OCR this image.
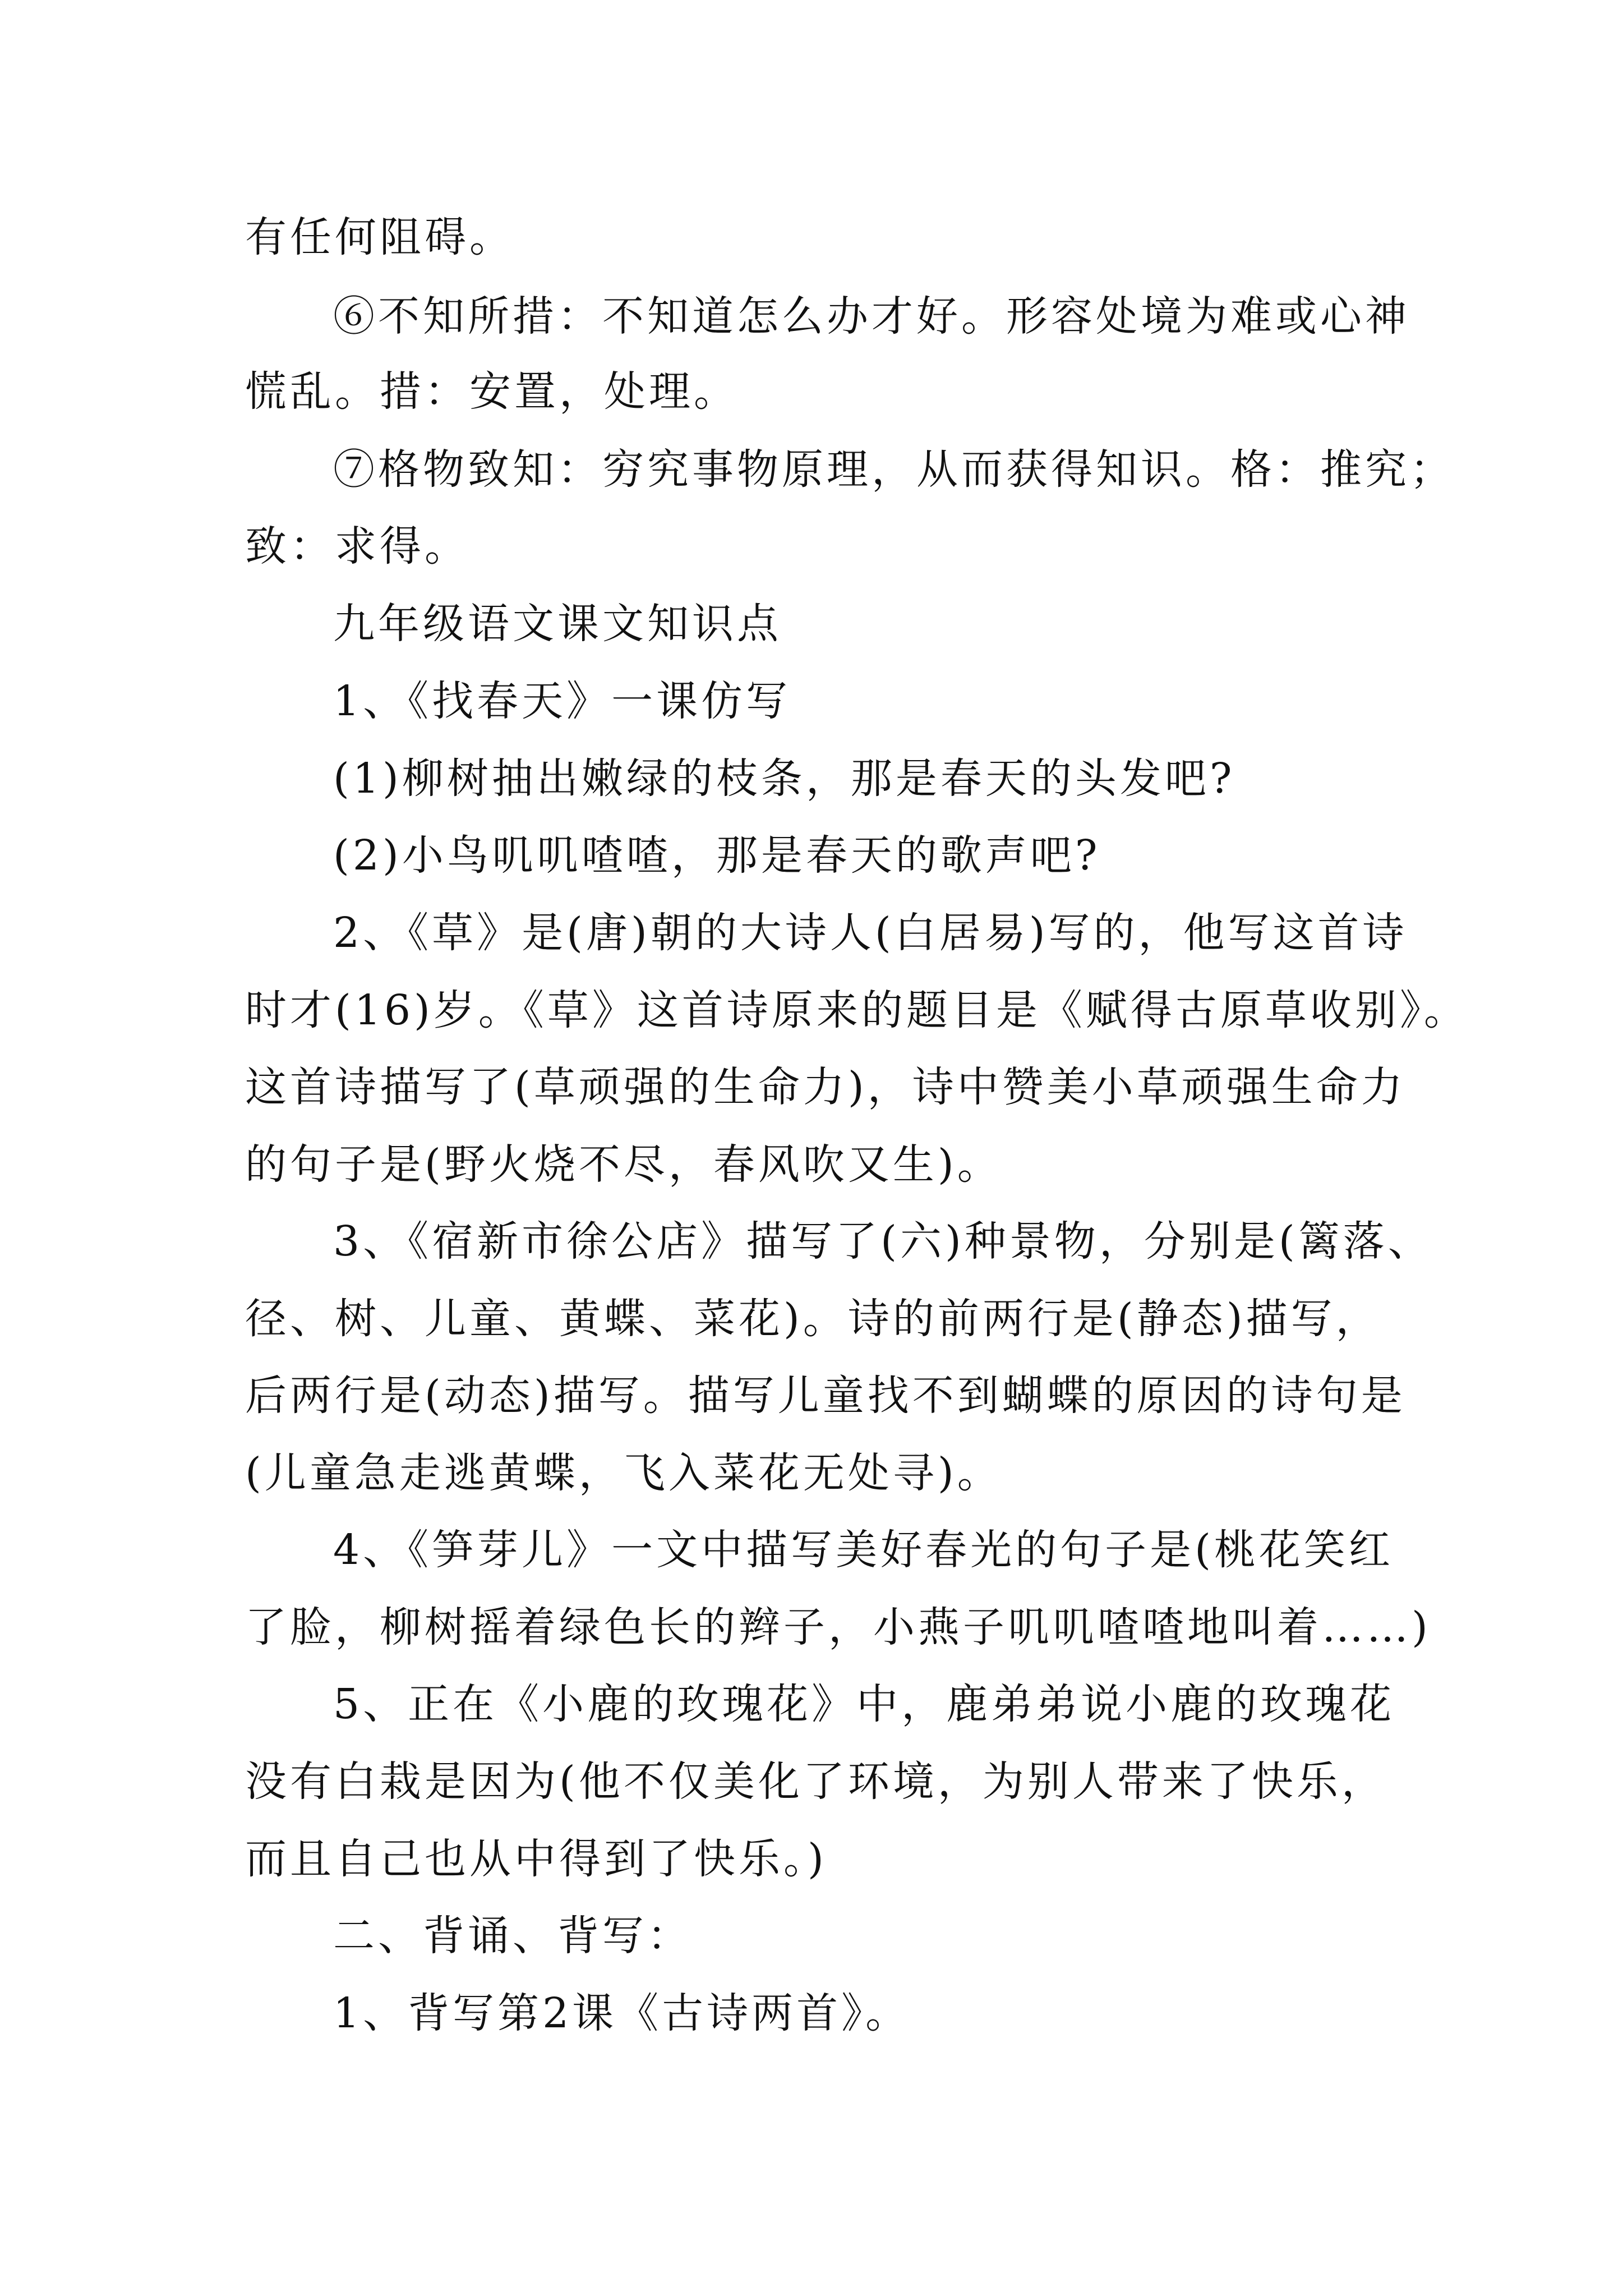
有任何阻碍。
⑥不知所措：不知道怎么办才好。形容处境为难或心神
慌乱。措：安置，处理。
⑦格物致知：穷究事物原理，从而获得知识。格：推究；
致：求得。
九年级语文课文知识点
1、《找春天》一课仿写
(1)柳树抽出嫩绿的枝条，那是春天的头发吧?
(2)小鸟叽叽喳喳，那是春天的歌声吧?
2、《草》是(唐)朝的大诗人(白居易)写的，他写这首诗
时才(16)岁。《草》这首诗原来的题目是《赋得古原草收别》。
这首诗描写了(草顽强的生命力)，诗中赞美小草顽强生命力
的句子是(野火烧不尽，春风吹又生)。
3、《宿新市徐公店》描写了(六)种景物，分别是(篱落、
径、树、儿童、黄蝶、菜花)。诗的前两行是(静态)描写，
后两行是(动态)描写。描写儿童找不到蝴蝶的原因的诗句是
(儿童急走逃黄蝶，飞入菜花无处寻)。
4、《笋芽儿》一文中描写美好春光的句子是(桃花笑红
了脸，柳树摇着绿色长的辫子，小燕子叽叽喳喳地叫着……)
5、正在《小鹿的玫瑰花》中，鹿弟弟说小鹿的玫瑰花
没有白栽是因为(他不仅美化了环境，为别人带来了快乐，
而且自己也从中得到了快乐。)
二、背诵、背写：
1、背写第2课《古诗两首》。
